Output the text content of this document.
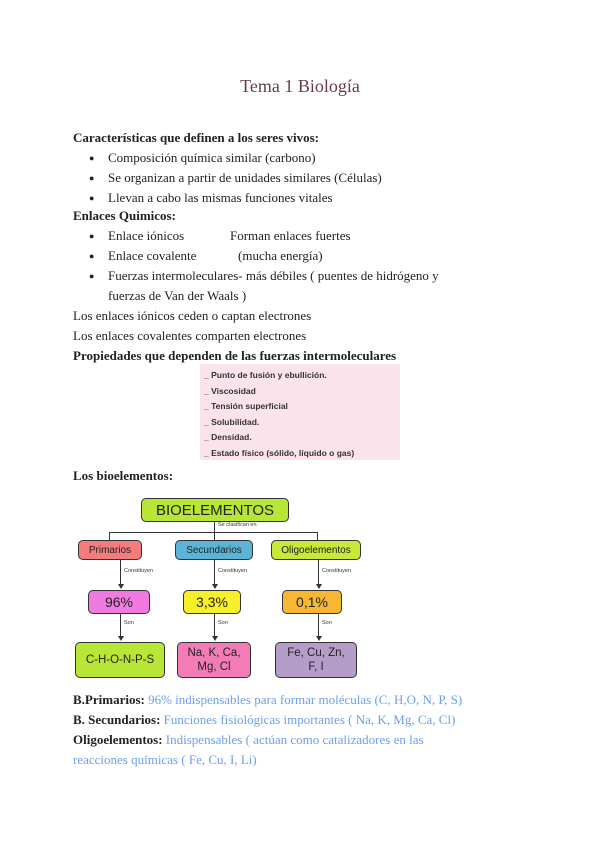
Tema 1 Biología
Características que definen a los seres vivos:
● Composición química similar (carbono)
● Se organizan a partir de unidades similares (Células)
● Llevan a cabo las mismas funciones vitales
Enlaces Quimicos:
● Enlace iónicos	Forman enlaces fuertes
● Enlace covalente	(mucha energía)
● Fuerzas intermoleculares- más débiles ( puentes de hidrógeno y
fuerzas de Van der Waals )
Los enlaces iónicos ceden o captan electrones
Los enlaces covalentes comparten electrones
Propiedades que dependen de las fuerzas intermoleculares
_ Punto de fusión y ebullición.
_ Viscosidad
_ Tensión superficial
_ Solubilidad.
_ Densidad.
_ Estado físico (sólido, líquido o gas)
Los bioelementos:
BIOELEMENTOS
Se clasifican en
Primarios	Secundarios	Oligoelementos
Constituyen	Constituyen	Constituyen
96%	3,3%	0,1%
Son	Son	Son
C-H-O-N-P-S
Na, K, Ca, Mg, Cl
Fe, Cu, Zn, F, I
B.Primarios: 96% indispensables para formar moléculas (C, H,O, N, P, S)
B. Secundarios: Funciones fisiológicas importantes ( Na, K, Mg, Ca, Cl)
Oligoelementos: Indispensables ( actúan como catalizadores en las
reacciones químicas ( Fe, Cu, I, Li)
